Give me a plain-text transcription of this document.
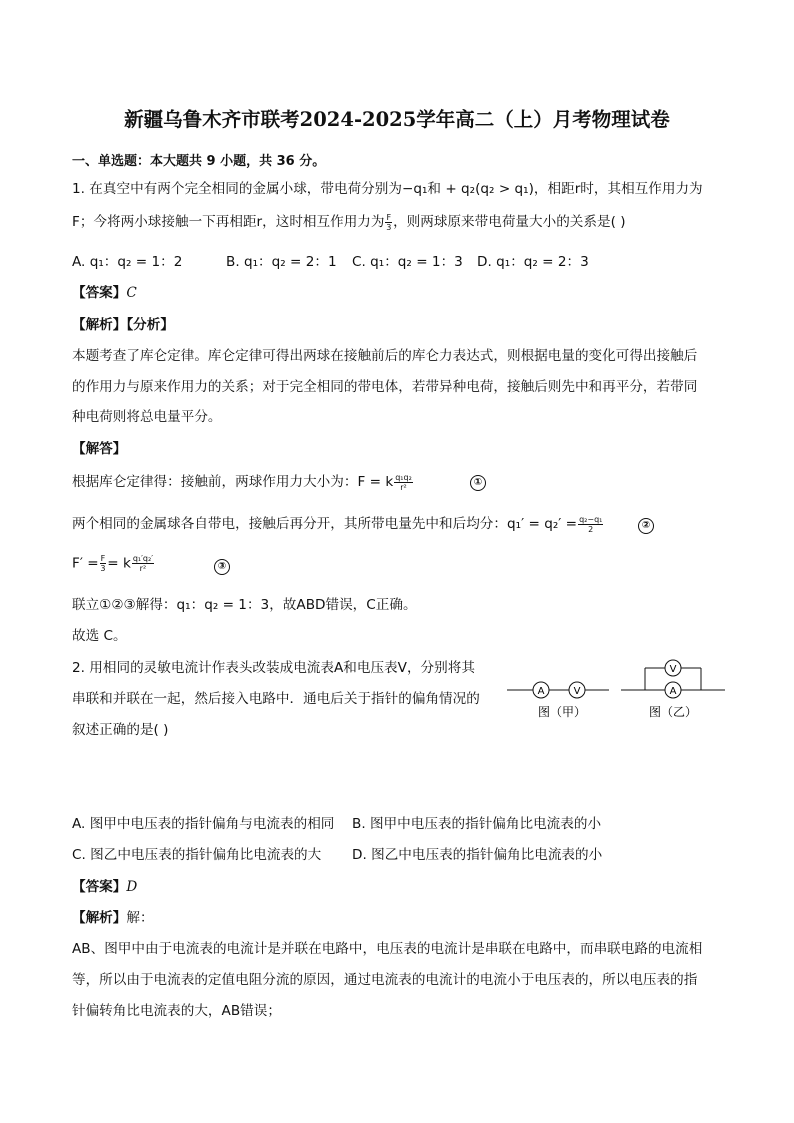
新疆乌鲁木齐市联考2024-2025学年高二（上）月考物理试卷
一、单选题：本大题共 9 小题，共 36 分。
1. 在真空中有两个完全相同的金属小球，带电荷分别为−q₁和 + q₂(q₂ > q₁)，相距r时，其相互作用力为
F；今将两小球接触一下再相距r，这时相互作用力为 $\frac{F}{3}$ ，则两球原来带电荷量大小的关系是( )
A. q₁：q₂ = 1：2	B. q₁：q₂ = 2：1 C. q₁：q₂ = 1：3 D. q₁：q₂ = 2：3
【答案】C
【解析】【分析】
本题考查了库仑定律。库仑定律可得出两球在接触前后的库仑力表达式，则根据电量的变化可得出接触后
的作用力与原来作用力的关系；对于完全相同的带电体，若带异种电荷，接触后则先中和再平分，若带同
种电荷则将总电量平分。
【解答】
根据库仑定律得：接触前，两球作用力大小为：F = k $\frac{\text{q₁q₂}}{\text{r²}}$	①
两个相同的金属球各自带电，接触后再分开，其所带电量先中和后均分：$q_1' = q_2' = \frac{\text{q₂−q₁}}{2}$	②
$F' = \frac{F}{3} = k \frac{\text{q₁′q₂′}}{\text{r²}}$	③
联立①②③解得：q₁：q₂ = 1：3，故ABD错误，C正确。
故选 C。
2. 用相同的灵敏电流计作表头改装成电流表A和电压表V，分别将其
串联和并联在一起，然后接入电路中．通电后关于指针的偏角情况的
叙述正确的是( )
A	V
图（甲）
V
A
图（乙）
A. 图甲中电压表的指针偏角与电流表的相同 B. 图甲中电压表的指针偏角比电流表的小
C. 图乙中电压表的指针偏角比电流表的大 D. 图乙中电压表的指针偏角比电流表的小
【答案】D
【解析】解：
AB、图甲中由于电流表的电流计是并联在电路中，电压表的电流计是串联在电路中，而串联电路的电流相
等，所以由于电流表的定值电阻分流的原因，通过电流表的电流计的电流小于电压表的，所以电压表的指
针偏转角比电流表的大，AB错误；
